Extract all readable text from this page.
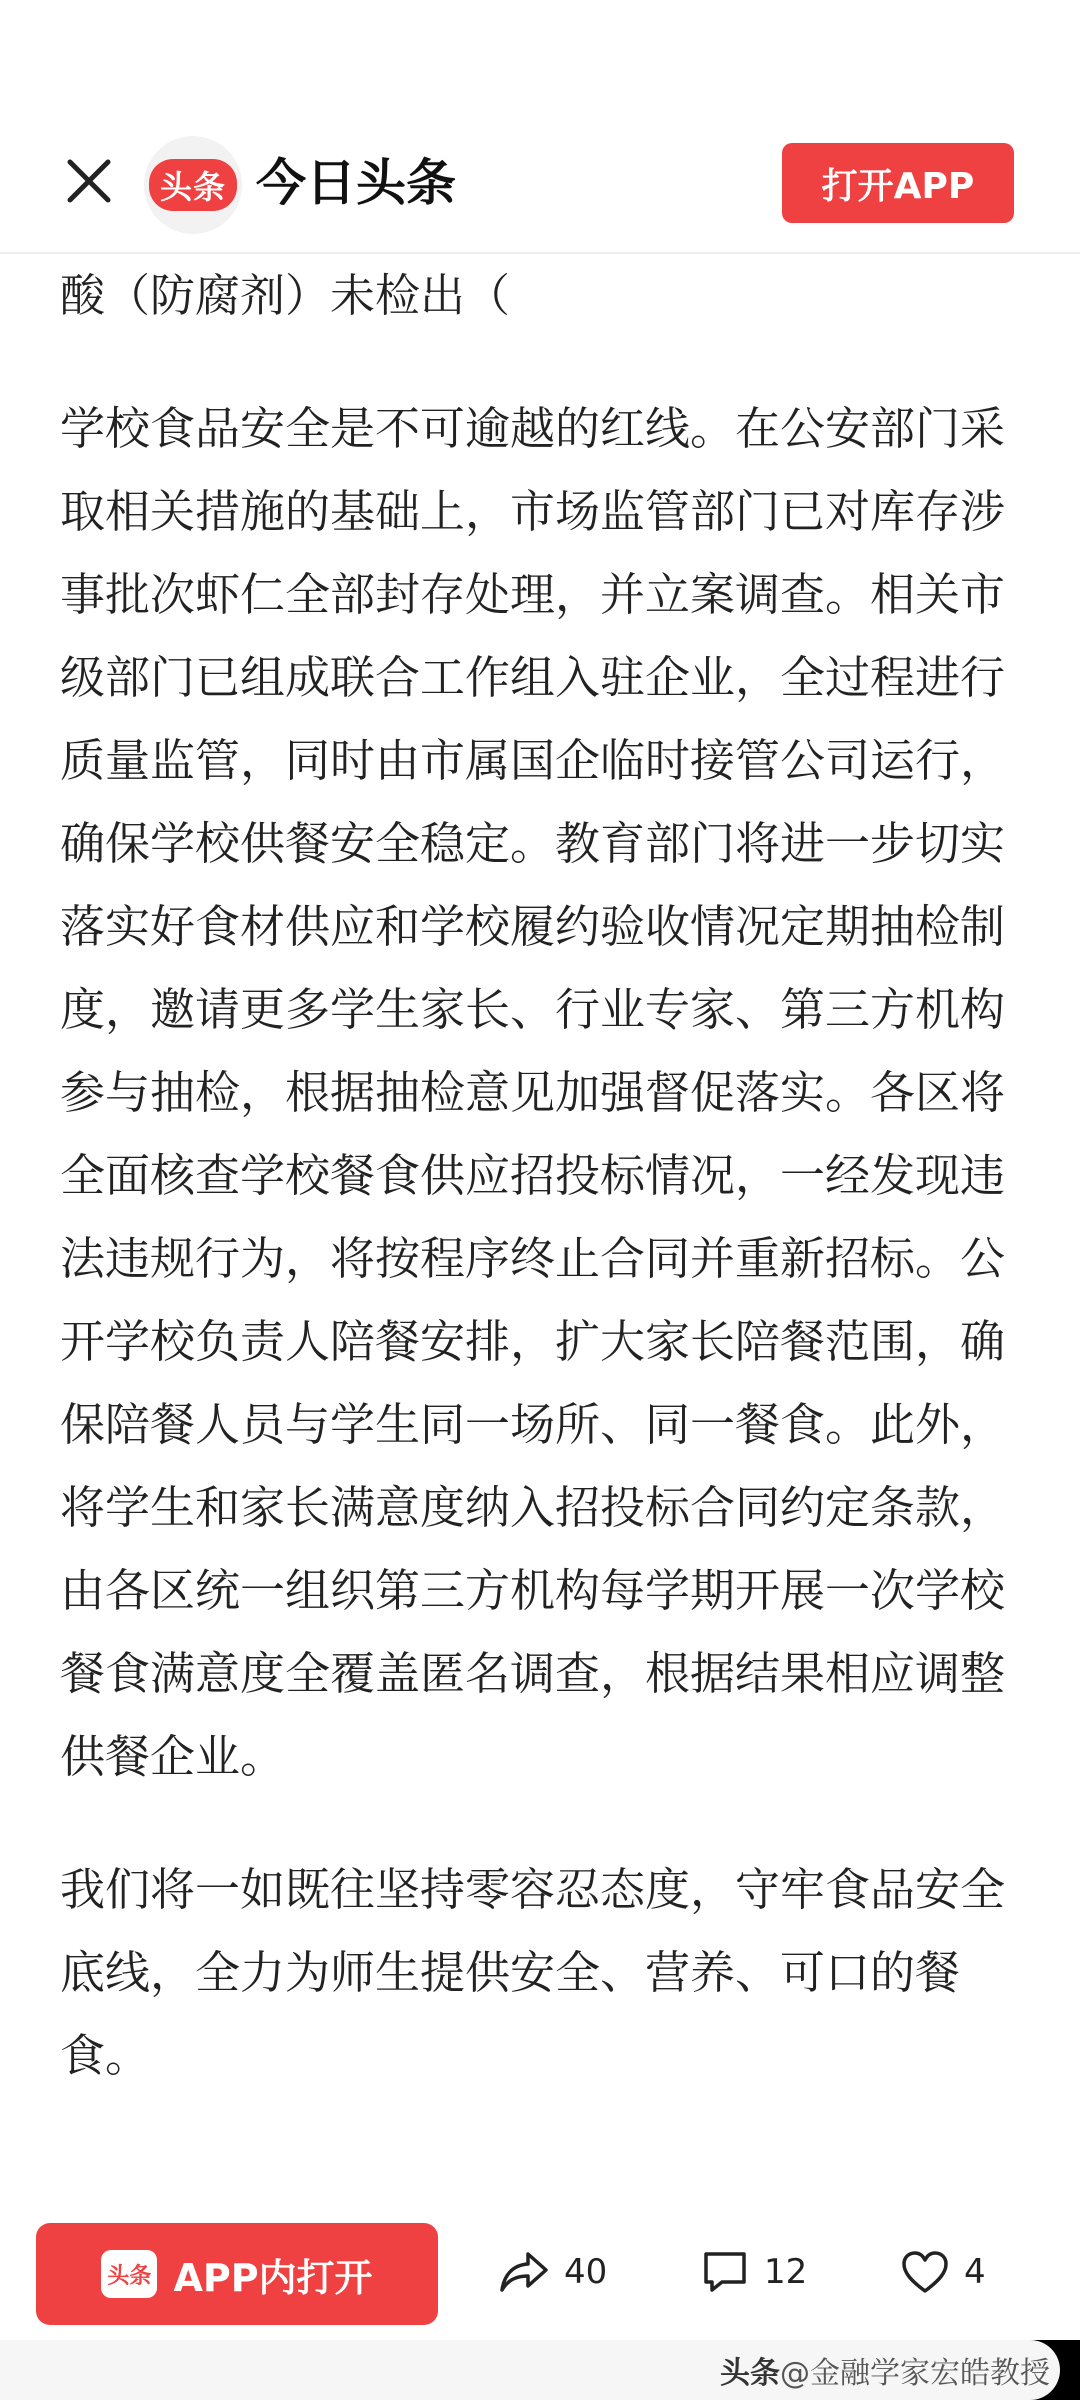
头条 今日头条	打开APP

酸（防腐剂）未检出（

学校食品安全是不可逾越的红线。在公安部门采取相关措施的基础上，市场监管部门已对库存涉事批次虾仁全部封存处理，并立案调查。相关市级部门已组成联合工作组入驻企业，全过程进行质量监管，同时由市属国企临时接管公司运行，确保学校供餐安全稳定。教育部门将进一步切实落实好食材供应和学校履约验收情况定期抽检制度，邀请更多学生家长、行业专家、第三方机构参与抽检，根据抽检意见加强督促落实。各区将全面核查学校餐食供应招投标情况，一经发现违法违规行为，将按程序终止合同并重新招标。公开学校负责人陪餐安排，扩大家长陪餐范围，确保陪餐人员与学生同一场所、同一餐食。此外，将学生和家长满意度纳入招投标合同约定条款，由各区统一组织第三方机构每学期开展一次学校餐食满意度全覆盖匿名调查，根据结果相应调整供餐企业。

我们将一如既往坚持零容忍态度，守牢食品安全底线，全力为师生提供安全、营养、可口的餐食。

头条 APP内打开	40	12	4
头条@金融学家宏皓教授
